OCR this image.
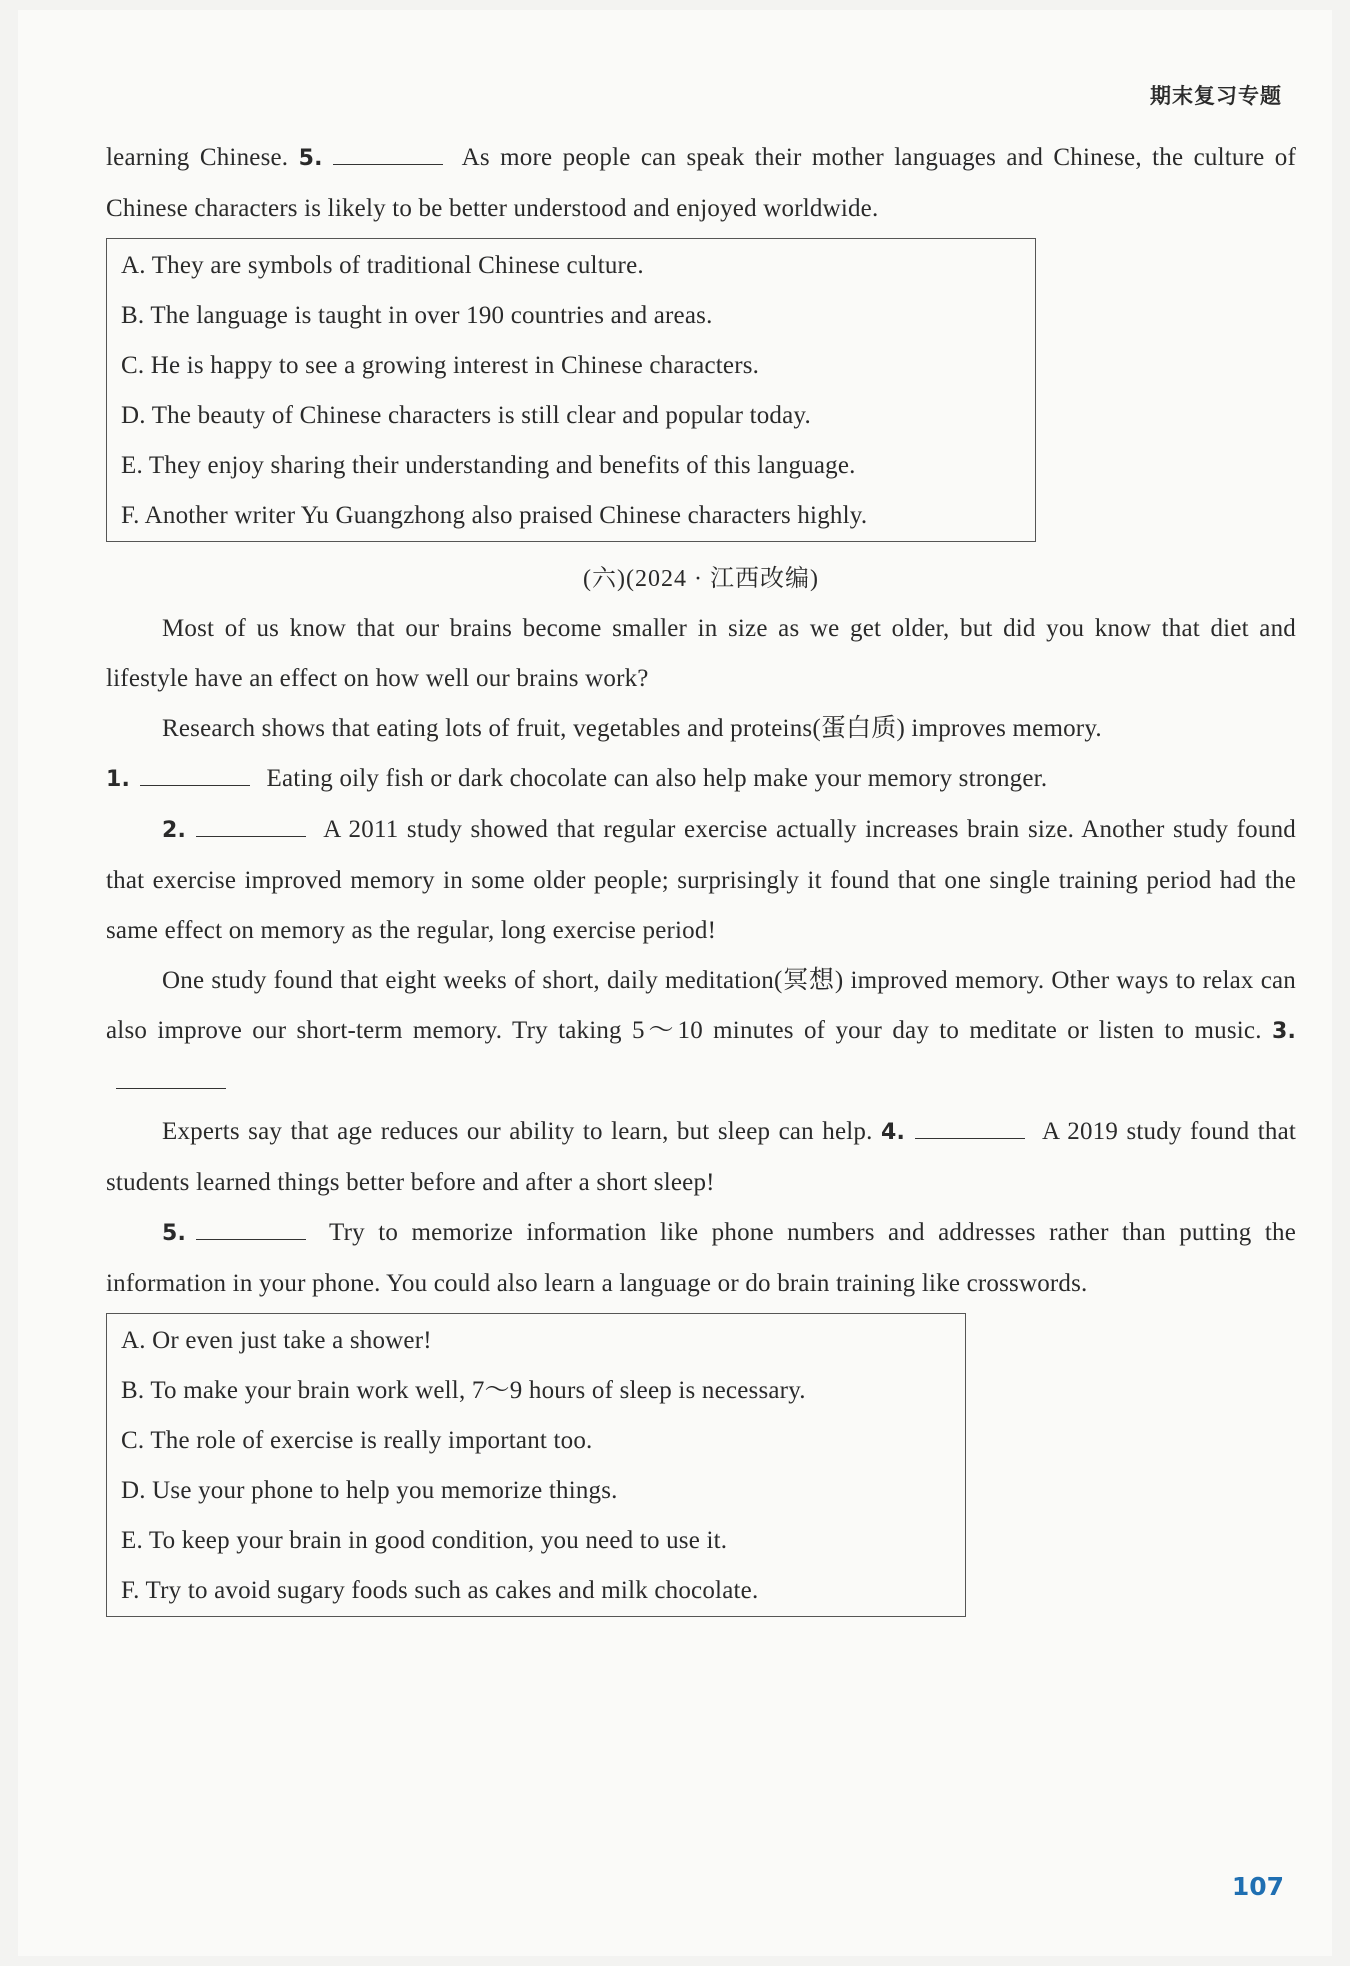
期末复习专题

learning Chinese. 5.	As more people can speak their mother languages and Chinese, the culture of Chinese characters is likely to be better understood and enjoyed worldwide.

A. They are symbols of traditional Chinese culture.

B. The language is taught in over 190 countries and areas.

C. He is happy to see a growing interest in Chinese characters.

D. The beauty of Chinese characters is still clear and popular today.

E. They enjoy sharing their understanding and benefits of this language.

F. Another writer Yu Guangzhong also praised Chinese characters highly.

(六)(2024 · 江西改编)

Most of us know that our brains become smaller in size as we get older, but did you know that diet and lifestyle have an effect on how well our brains work?

Research shows that eating lots of fruit, vegetables and proteins(蛋白质) improves memory.

1.	Eating oily fish or dark chocolate can also help make your memory stronger.

2.	A 2011 study showed that regular exercise actually increases brain size. Another study found that exercise improved memory in some older people; surprisingly it found that one single training period had the same effect on memory as the regular, long exercise period!

One study found that eight weeks of short, daily meditation(冥想) improved memory. Other ways to relax can also improve our short-term memory. Try taking 5～10 minutes of your day to meditate or listen to music. 3.

Experts say that age reduces our ability to learn, but sleep can help. 4.	A 2019 study found that students learned things better before and after a short sleep!

5.	Try to memorize information like phone numbers and addresses rather than putting the information in your phone. You could also learn a language or do brain training like crosswords.

A. Or even just take a shower!

B. To make your brain work well, 7～9 hours of sleep is necessary.

C. The role of exercise is really important too.

D. Use your phone to help you memorize things.

E. To keep your brain in good condition, you need to use it.

F. Try to avoid sugary foods such as cakes and milk chocolate.

107
